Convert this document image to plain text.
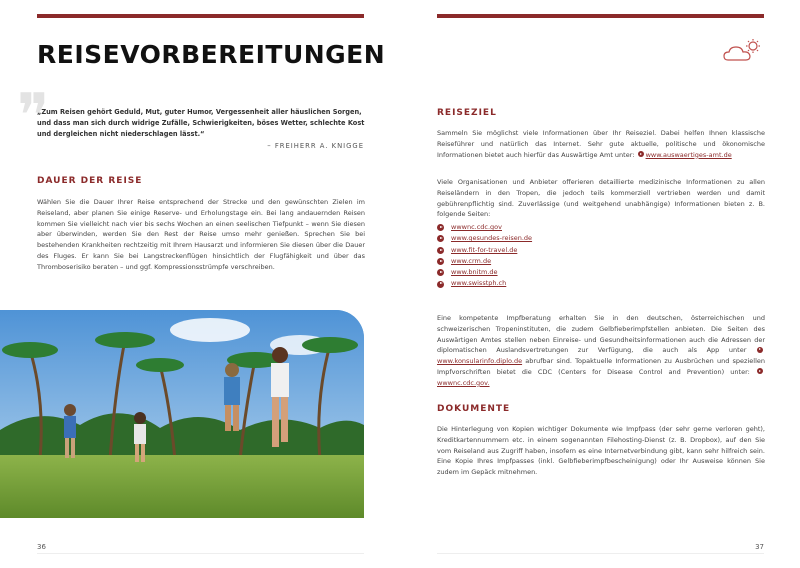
REISEVORBEREITUNGEN
❞

„Zum Reisen gehört Geduld, Mut, guter Humor, Vergessenheit aller häuslichen Sorgen, und dass man sich durch widrige Zufälle, Schwierigkeiten, böses Wetter, schlechte Kost und dergleichen nicht niederschlagen lässt.“

– FREIHERR A. KNIGGE

DAUER DER REISE

Wählen Sie die Dauer Ihrer Reise entsprechend der Strecke und den gewünschten Zielen im Reiseland, aber planen Sie einige Reserve- und Erholungstage ein. Bei lang andauernden Reisen kommen Sie vielleicht nach vier bis sechs Wochen an einen seelischen Tiefpunkt – wenn Sie diesen aber überwinden, werden Sie den Rest der Reise umso mehr genießen. Sprechen Sie bei bestehenden Krankheiten rechtzeitig mit Ihrem Hausarzt und informieren Sie diesen über die Dauer des Fluges. Er kann Sie bei Langstreckenflügen hinsichtlich der Flugfähigkeit und über das Thromboserisiko beraten – und ggf. Kompressionsstrümpfe verschreiben.

36
REISEZIEL

Sammeln Sie möglichst viele Informationen über Ihr Reiseziel. Dabei helfen Ihnen klassische Reiseführer und natürlich das Internet. Sehr gute aktuelle, politische und ökonomische Informationen bietet auch hierfür das Auswärtige Amt unter: www.auswaertiges-amt.de

Viele Organisationen und Anbieter offerieren detaillierte medizinische Informationen zu allen Reiseländern in den Tropen, die jedoch teils kommerziell vertrieben werden und damit gebührenpflichtig sind. Zuverlässige (und weitgehend unabhängige) Informationen bieten z. B. folgende Seiten:

wwwnc.cdc.gov
www.gesundes-reisen.de
www.fit-for-travel.de
www.crm.de
www.bnitm.de
www.swisstph.ch

Eine kompetente Impfberatung erhalten Sie in den deutschen, österreichischen und schweizerischen Tropeninstituten, die zudem Gelbfieberimpfstellen anbieten. Die Seiten des Auswärtigen Amtes stellen neben Einreise- und Gesundheitsinformationen auch die Adressen der diplomatischen Auslandsvertretungen zur Verfügung, die auch als App unter www.konsularinfo.diplo.de abrufbar sind. Topaktuelle Informationen zu Ausbrüchen und speziellen Impfvorschriften bietet die CDC (Centers for Disease Control and Prevention) unter: wwwnc.cdc.gov.

DOKUMENTE

Die Hinterlegung von Kopien wichtiger Dokumente wie Impfpass (der sehr gerne verloren geht), Kreditkartennummern etc. in einem sogenannten Filehosting-Dienst (z. B. Dropbox), auf den Sie vom Reiseland aus Zugriff haben, insofern es eine Internetverbindung gibt, kann sehr hilfreich sein. Eine Kopie Ihres Impfpasses (inkl. Gelbfieberimpfbescheinigung) oder Ihr Ausweise können Sie zudem im Gepäck mitnehmen.

37
